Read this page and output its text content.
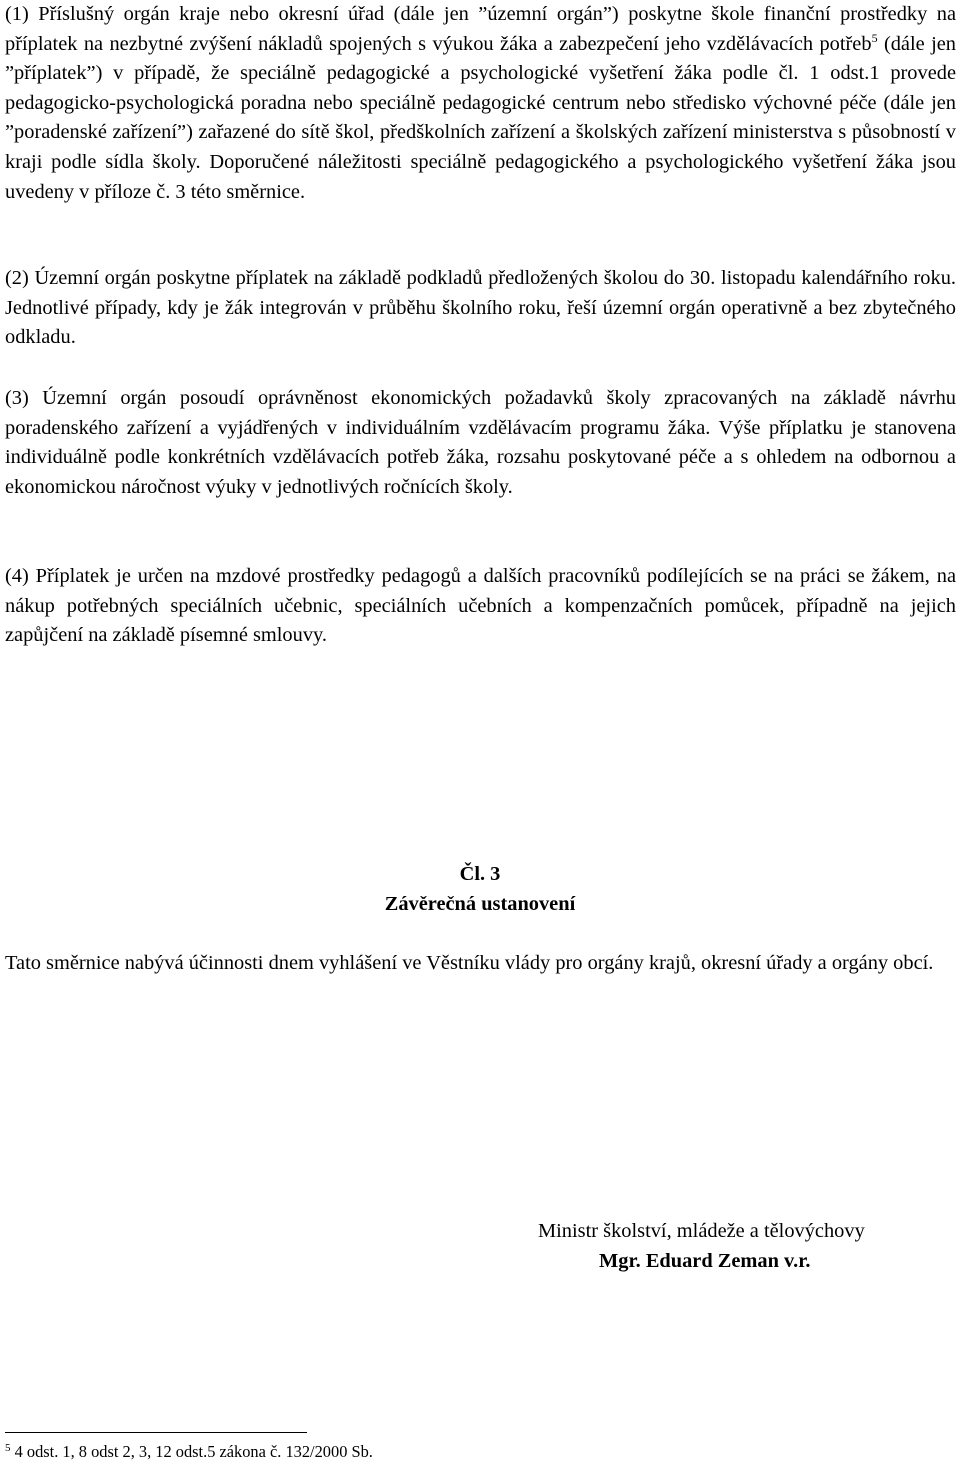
(1) Příslušný orgán kraje nebo okresní úřad (dále jen ”územní orgán”) poskytne škole finanční prostředky na příplatek na nezbytné zvýšení nákladů spojených s výukou žáka a zabezpečení jeho vzdělávacích potřeb$^5$ (dále jen ”příplatek”) v případě, že speciálně pedagogické a psychologické vyšetření žáka podle čl. 1 odst.1 provede pedagogicko-psychologická poradna nebo speciálně pedagogické centrum nebo středisko výchovné péče (dále jen ”poradenské zařízení”) zařazené do sítě škol, předškolních zařízení a školských zařízení ministerstva s působností v kraji podle sídla školy. Doporučené náležitosti speciálně pedagogického a psychologického vyšetření žáka jsou uvedeny v příloze č. 3 této směrnice.

(2) Územní orgán poskytne příplatek na základě podkladů předložených školou do 30. listopadu kalendářního roku. Jednotlivé případy, kdy je žák integrován v průběhu školního roku, řeší územní orgán operativně a bez zbytečného odkladu.

(3) Územní orgán posoudí oprávněnost ekonomických požadavků školy zpracovaných na základě návrhu poradenského zařízení a vyjádřených v individuálním vzdělávacím programu žáka. Výše příplatku je stanovena individuálně podle konkrétních vzdělávacích potřeb žáka, rozsahu poskytované péče a s ohledem na odbornou a ekonomickou náročnost výuky v jednotlivých ročnících školy.

(4) Příplatek je určen na mzdové prostředky pedagogů a dalších pracovníků podílejících se na práci se žákem, na nákup potřebných speciálních učebnic, speciálních učebních a kompenzačních pomůcek, případně na jejich zapůjčení na základě písemné smlouvy.

Čl. 3

Závěrečná ustanovení

Tato směrnice nabývá účinnosti dnem vyhlášení ve Věstníku vlády pro orgány krajů, okresní úřady a orgány obcí.

Ministr školství, mládeže a tělovýchovy

Mgr. Eduard Zeman v.r.

$^5$ 4 odst. 1, 8 odst 2, 3, 12 odst.5 zákona č. 132/2000 Sb.
